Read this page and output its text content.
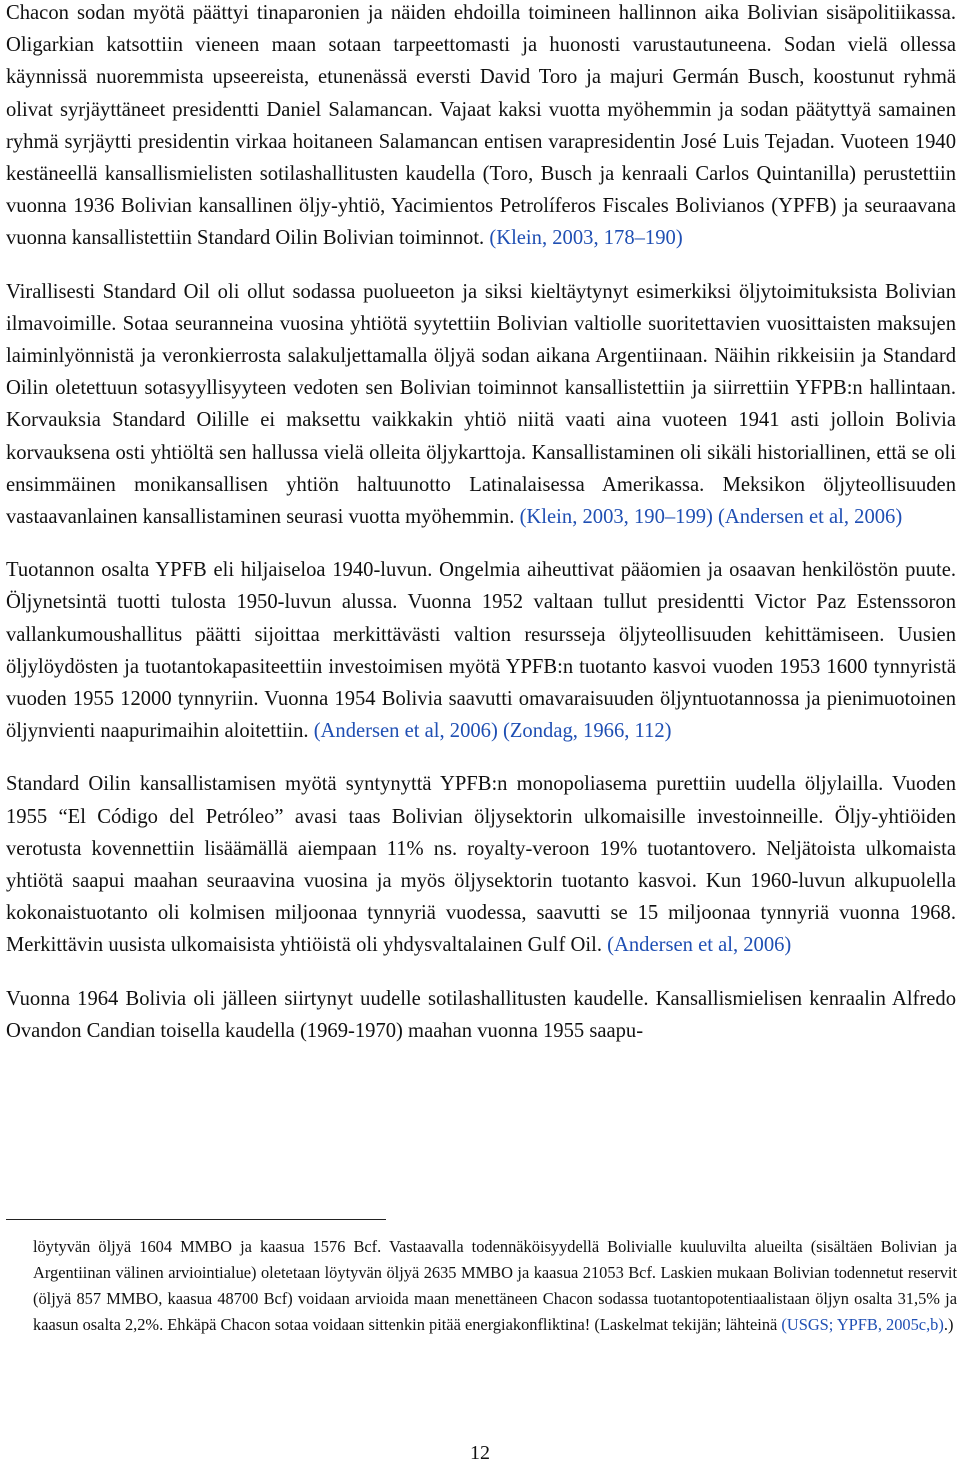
Chacon sodan myötä päättyi tinaparonien ja näiden ehdoilla toimineen hallinnon aika Bolivian sisäpolitiikassa. Oligarkian katsottiin vieneen maan sotaan tarpeettomasti ja huonosti varustautuneena. Sodan vielä ollessa käynnissä nuoremmista upseereista, etunenässä eversti David Toro ja majuri Germán Busch, koostunut ryhmä olivat syrjäyttäneet presidentti Daniel Salamancan. Vajaat kaksi vuotta myöhemmin ja sodan päätyttyä samainen ryhmä syrjäytti presidentin virkaa hoitaneen Salamancan entisen varapresidentin José Luis Tejadan. Vuoteen 1940 kestäneellä kansallismielisten sotilashallitusten kaudella (Toro, Busch ja kenraali Carlos Quintanilla) perustettiin vuonna 1936 Bolivian kansallinen öljy-yhtiö, Yacimientos Petrolíferos Fiscales Bolivianos (YPFB) ja seuraavana vuonna kansallistettiin Standard Oilin Bolivian toiminnot. (Klein, 2003, 178–190)

Virallisesti Standard Oil oli ollut sodassa puolueeton ja siksi kieltäytynyt esimerkiksi öljytoimituksista Bolivian ilmavoimille. Sotaa seuranneina vuosina yhtiötä syytettiin Bolivian valtiolle suoritettavien vuosittaisten maksujen laiminlyönnistä ja veronkierrosta salakuljettamalla öljyä sodan aikana Argentiinaan. Näihin rikkeisiin ja Standard Oilin oletettuun sotasyyllisyyteen vedoten sen Bolivian toiminnot kansallistettiin ja siirrettiin YFPB:n hallintaan. Korvauksia Standard Oilille ei maksettu vaikkakin yhtiö niitä vaati aina vuoteen 1941 asti jolloin Bolivia korvauksena osti yhtiöltä sen hallussa vielä olleita öljykarttoja. Kansallistaminen oli sikäli historiallinen, että se oli ensimmäinen monikansallisen yhtiön haltuunotto Latinalaisessa Amerikassa. Meksikon öljyteollisuuden vastaavanlainen kansallistaminen seurasi vuotta myöhemmin. (Klein, 2003, 190–199) (Andersen et al, 2006)

Tuotannon osalta YPFB eli hiljaiseloa 1940-luvun. Ongelmia aiheuttivat pääomien ja osaavan henkilöstön puute. Öljynetsintä tuotti tulosta 1950-luvun alussa. Vuonna 1952 valtaan tullut presidentti Victor Paz Estenssoron vallankumoushallitus päätti sijoittaa merkittävästi valtion resursseja öljyteollisuuden kehittämiseen. Uusien öljylöydösten ja tuotantokapasiteettiin investoimisen myötä YPFB:n tuotanto kasvoi vuoden 1953 1600 tynnyristä vuoden 1955 12000 tynnyriin. Vuonna 1954 Bolivia saavutti omavaraisuuden öljyntuotannossa ja pienimuotoinen öljynvienti naapurimaihin aloitettiin. (Andersen et al, 2006) (Zondag, 1966, 112)

Standard Oilin kansallistamisen myötä syntynyttä YPFB:n monopoliasema purettiin uudella öljylailla. Vuoden 1955 “El Código del Petróleo” avasi taas Bolivian öljysektorin ulkomaisille investoinneille. Öljy-yhtiöiden verotusta kovennettiin lisäämällä aiempaan 11% ns. royalty-veroon 19% tuotantovero. Neljätoista ulkomaista yhtiötä saapui maahan seuraavina vuosina ja myös öljysektorin tuotanto kasvoi. Kun 1960-luvun alkupuolella kokonaistuotanto oli kolmisen miljoonaa tynnyriä vuodessa, saavutti se 15 miljoonaa tynnyriä vuonna 1968. Merkittävin uusista ulkomaisista yhtiöistä oli yhdysvaltalainen Gulf Oil. (Andersen et al, 2006)

Vuonna 1964 Bolivia oli jälleen siirtynyt uudelle sotilashallitusten kaudelle. Kansallismielisen kenraalin Alfredo Ovandon Candian toisella kaudella (1969-1970) maahan vuonna 1955 saapu-

löytyvän öljyä 1604 MMBO ja kaasua 1576 Bcf. Vastaavalla todennäköisyydellä Bolivialle kuuluvilta alueilta (sisältäen Bolivian ja Argentiinan välinen arviointialue) oletetaan löytyvän öljyä 2635 MMBO ja kaasua 21053 Bcf. Laskien mukaan Bolivian todennetut reservit (öljyä 857 MMBO, kaasua 48700 Bcf) voidaan arvioida maan menettäneen Chacon sodassa tuotantopotentiaalistaan öljyn osalta 31,5% ja kaasun osalta 2,2%. Ehkäpä Chacon sotaa voidaan sittenkin pitää energiakonfliktina! (Laskelmat tekijän; lähteinä (USGS; YPFB, 2005c,b).)

12
